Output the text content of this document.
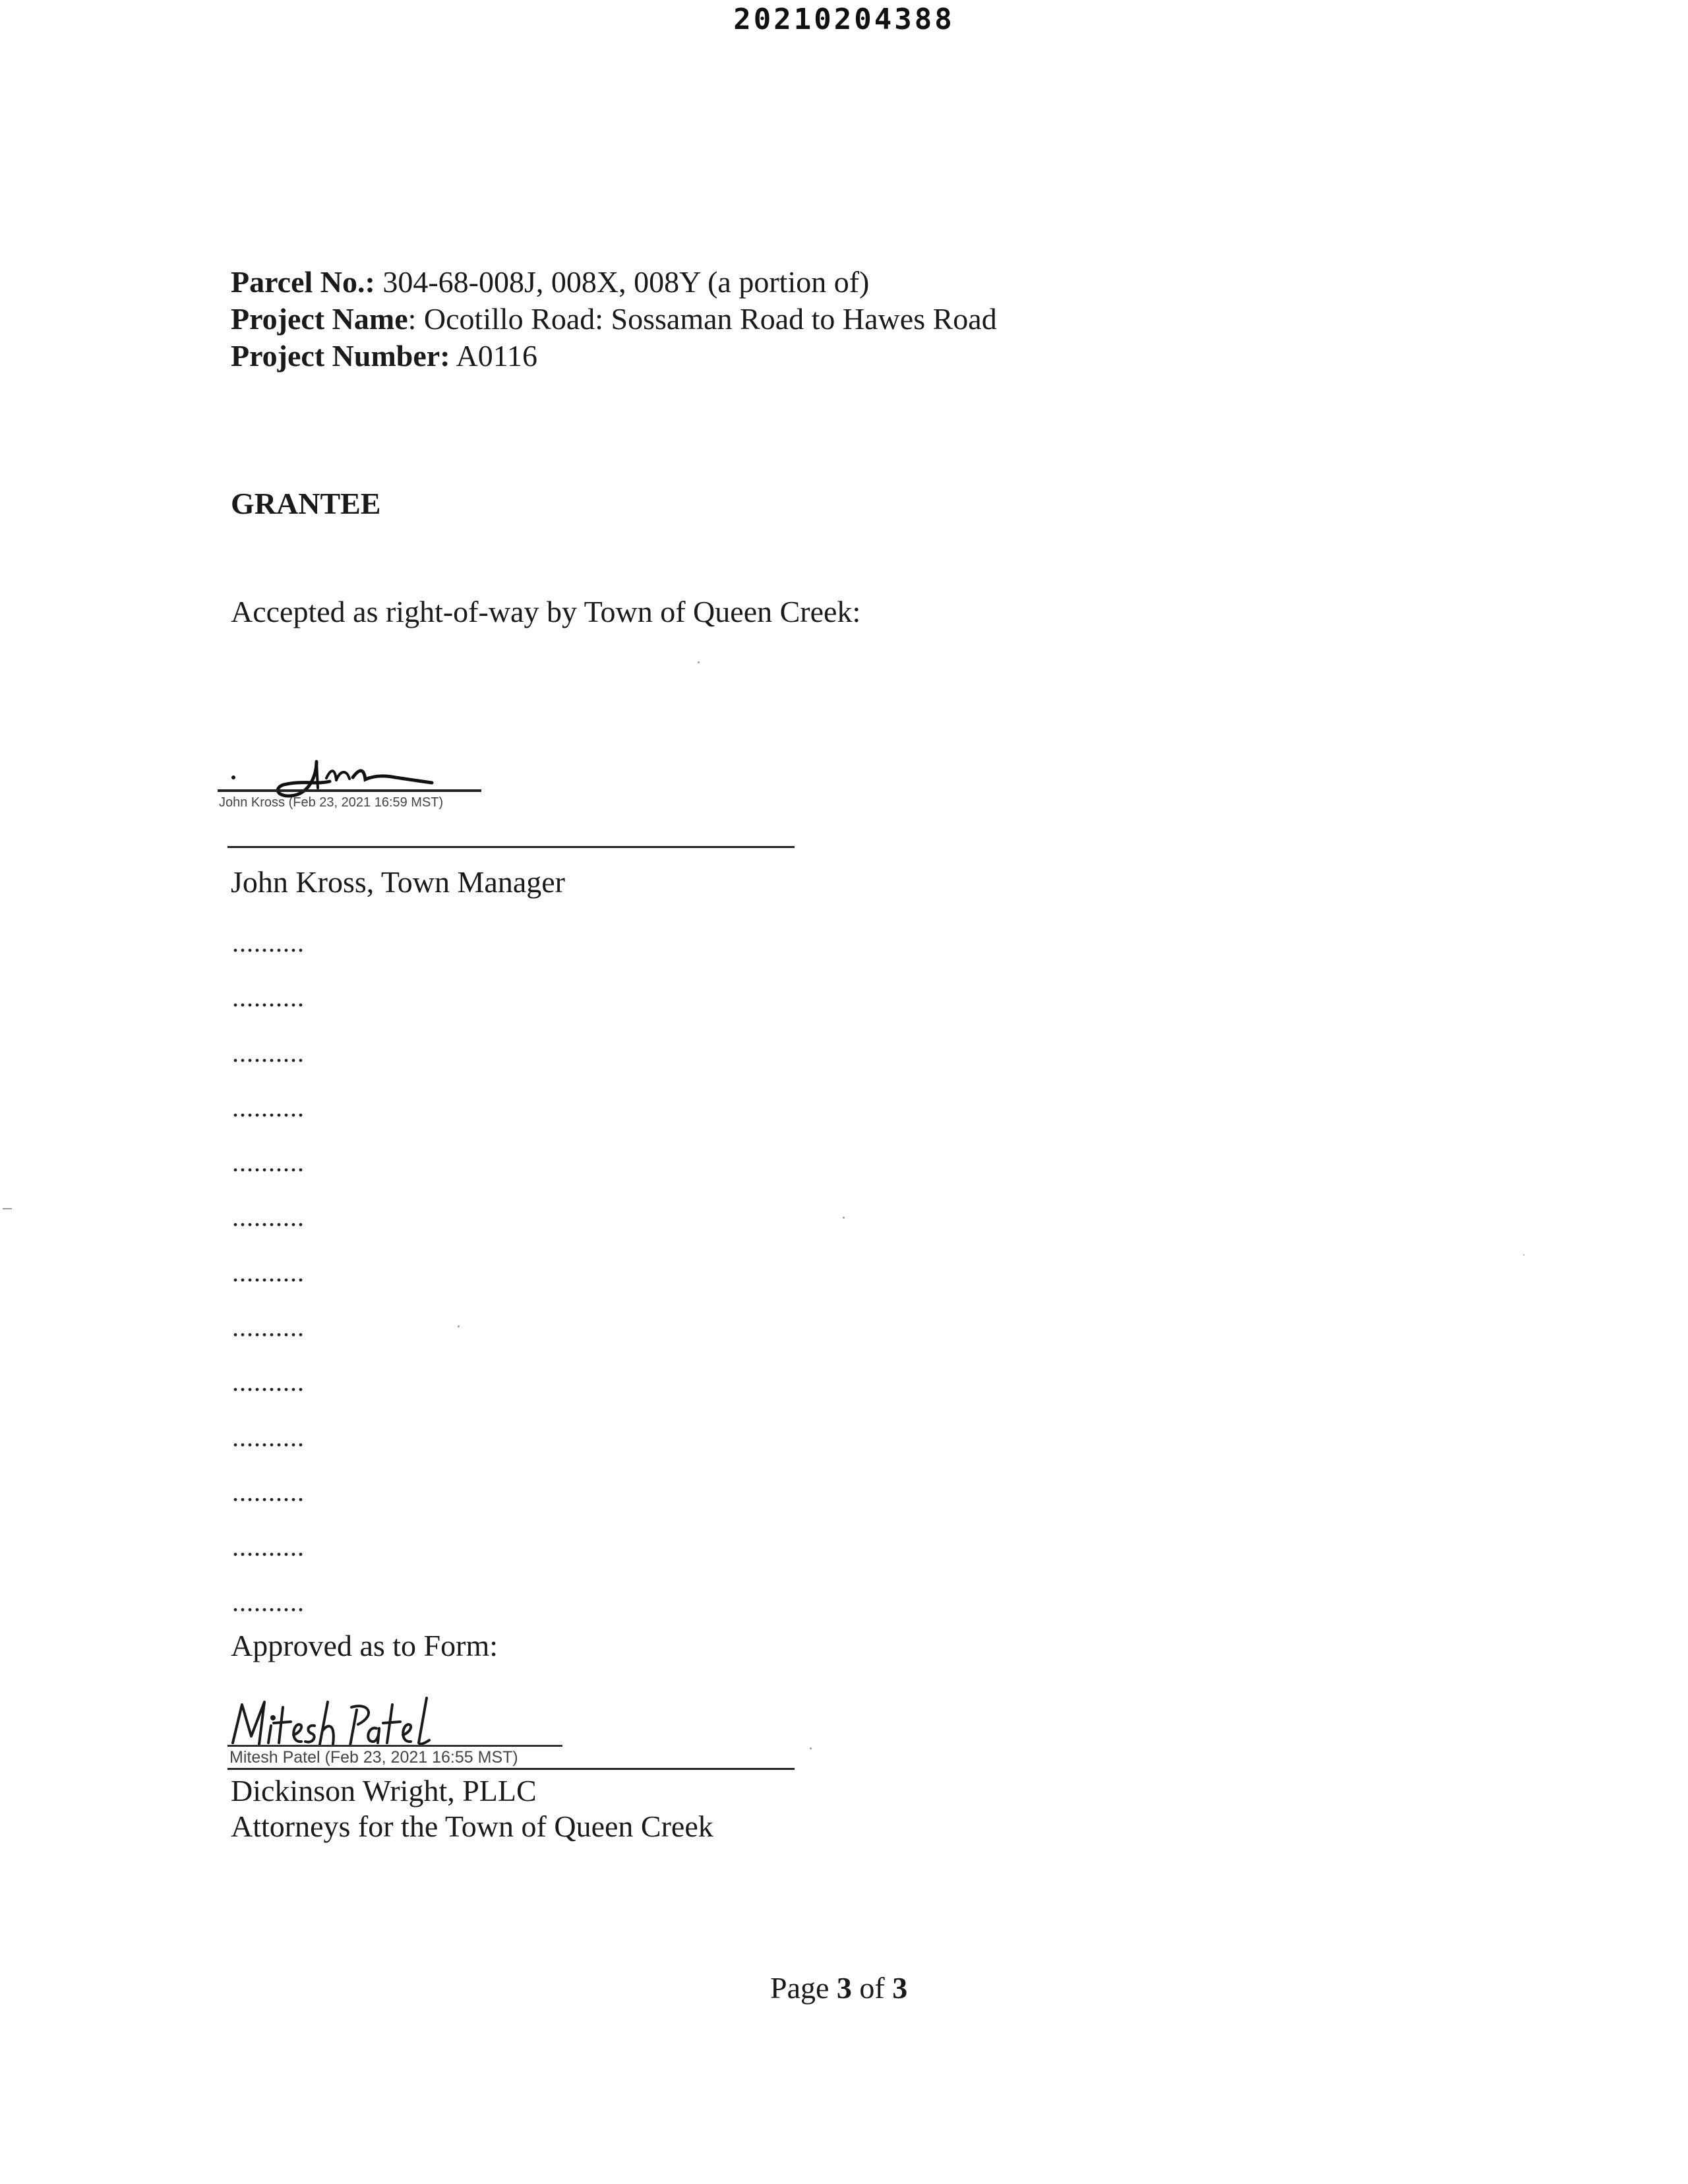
20210204388
Parcel No.: 304-68-008J, 008X, 008Y (a portion of)
Project Name: Ocotillo Road: Sossaman Road to Hawes Road
Project Number: A0116
GRANTEE
Accepted as right-of-way by Town of Queen Creek:
John Kross (Feb 23, 2021 16:59 MST)
John Kross, Town Manager
..........
..........
..........
..........
..........
..........
..........
..........
..........
..........
..........
..........
..........
Approved as to Form:
Mitesh Patel (Feb 23, 2021 16:55 MST)
Dickinson Wright, PLLC
Attorneys for the Town of Queen Creek
Page 3 of 3
